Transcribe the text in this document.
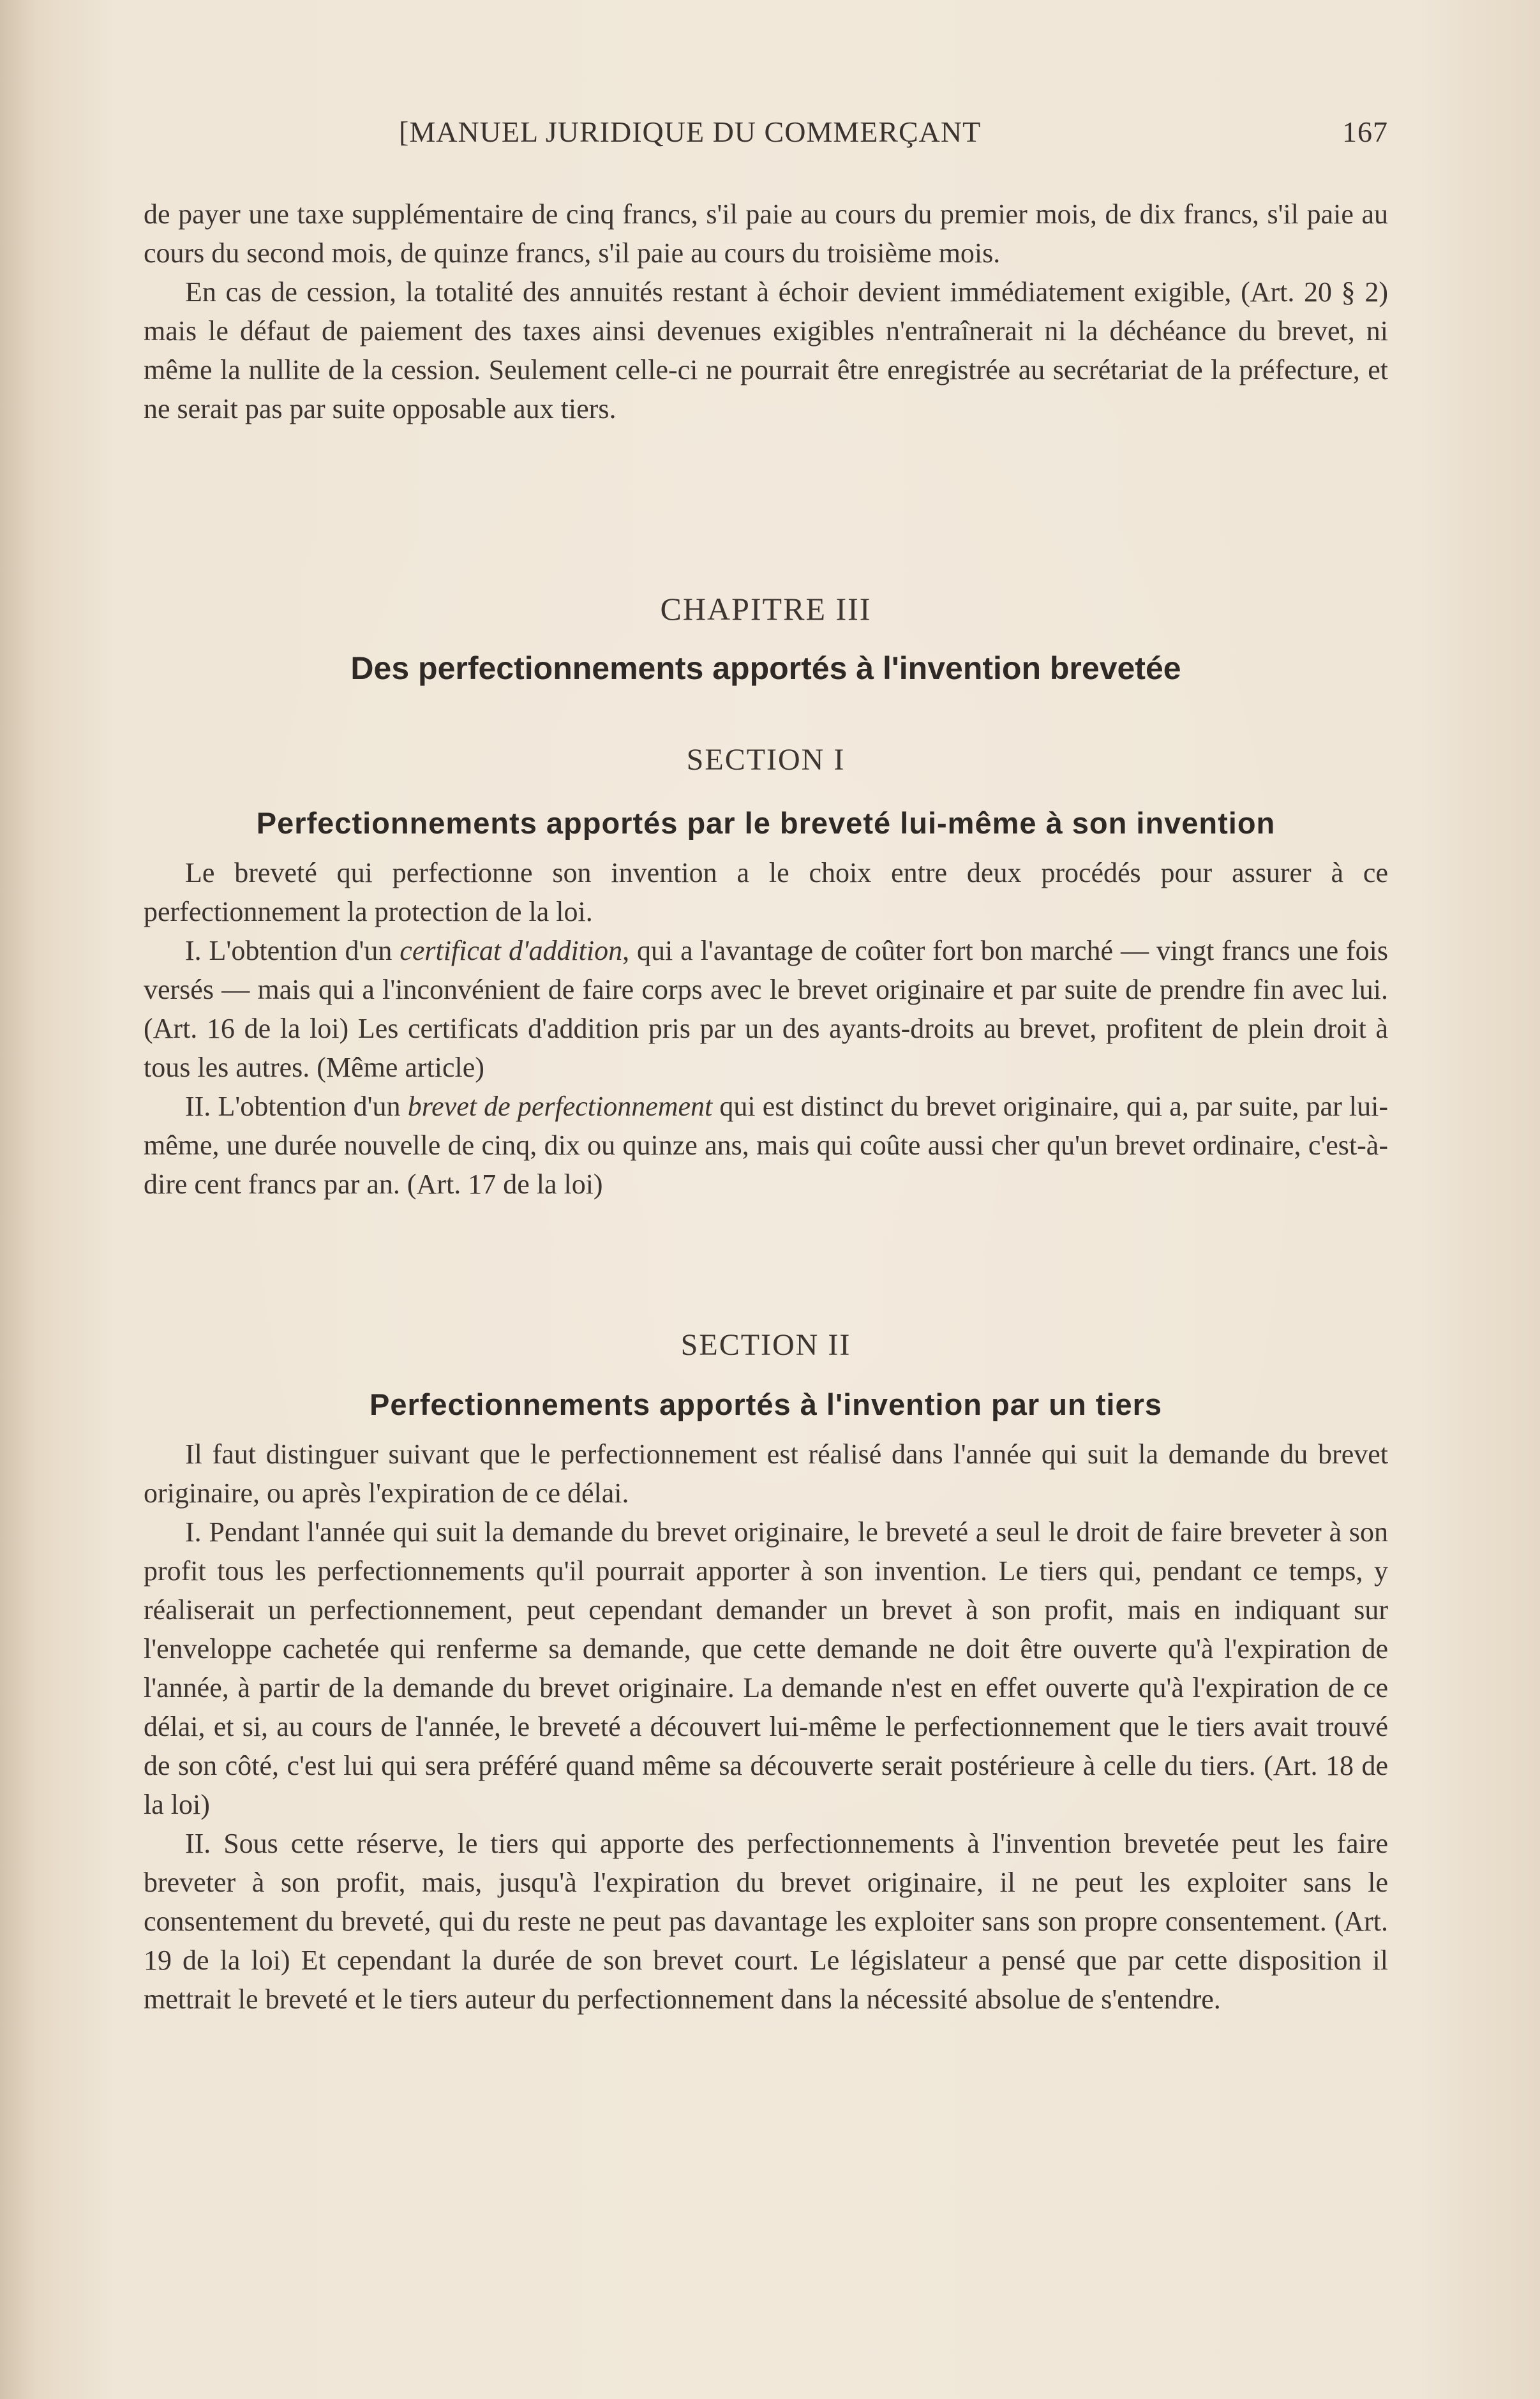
[MANUEL JURIDIQUE DU COMMERÇANT	167

de payer une taxe supplémentaire de cinq francs, s'il paie au cours du premier mois, de dix francs, s'il paie au cours du second mois, de quinze francs, s'il paie au cours du troisième mois.

En cas de cession, la totalité des annuités restant à échoir devient immédiatement exigible, (Art. 20 § 2) mais le défaut de paiement des taxes ainsi devenues exigibles n'entraînerait ni la déchéance du brevet, ni même la nullite de la cession. Seulement celle-ci ne pourrait être enregistrée au secrétariat de la préfecture, et ne serait pas par suite opposable aux tiers.

CHAPITRE III
Des perfectionnements apportés à l'invention brevetée
SECTION I
Perfectionnements apportés par le breveté lui-même à son invention

Le breveté qui perfectionne son invention a le choix entre deux procédés pour assurer à ce perfectionnement la protection de la loi.

I. L'obtention d'un certificat d'addition, qui a l'avantage de coûter fort bon marché — vingt francs une fois versés — mais qui a l'inconvénient de faire corps avec le brevet originaire et par suite de prendre fin avec lui. (Art. 16 de la loi) Les certificats d'addition pris par un des ayants-droits au brevet, profitent de plein droit à tous les autres. (Même article)

II. L'obtention d'un brevet de perfectionnement qui est distinct du brevet originaire, qui a, par suite, par lui-même, une durée nouvelle de cinq, dix ou quinze ans, mais qui coûte aussi cher qu'un brevet ordinaire, c'est-à-dire cent francs par an. (Art. 17 de la loi)

SECTION II
Perfectionnements apportés à l'invention par un tiers

Il faut distinguer suivant que le perfectionnement est réalisé dans l'année qui suit la demande du brevet originaire, ou après l'expiration de ce délai.

I. Pendant l'année qui suit la demande du brevet originaire, le breveté a seul le droit de faire breveter à son profit tous les perfectionnements qu'il pourrait apporter à son invention. Le tiers qui, pendant ce temps, y réaliserait un perfectionnement, peut cependant demander un brevet à son profit, mais en indiquant sur l'enveloppe cachetée qui renferme sa demande, que cette demande ne doit être ouverte qu'à l'expiration de l'année, à partir de la demande du brevet originaire. La demande n'est en effet ouverte qu'à l'expiration de ce délai, et si, au cours de l'année, le breveté a découvert lui-même le perfectionnement que le tiers avait trouvé de son côté, c'est lui qui sera préféré quand même sa découverte serait postérieure à celle du tiers. (Art. 18 de la loi)

II. Sous cette réserve, le tiers qui apporte des perfectionnements à l'invention brevetée peut les faire breveter à son profit, mais, jusqu'à l'expiration du brevet originaire, il ne peut les exploiter sans le consentement du breveté, qui du reste ne peut pas davantage les exploiter sans son propre consentement. (Art. 19 de la loi) Et cependant la durée de son brevet court. Le législateur a pensé que par cette disposition il mettrait le breveté et le tiers auteur du perfectionnement dans la nécessité absolue de s'entendre.
